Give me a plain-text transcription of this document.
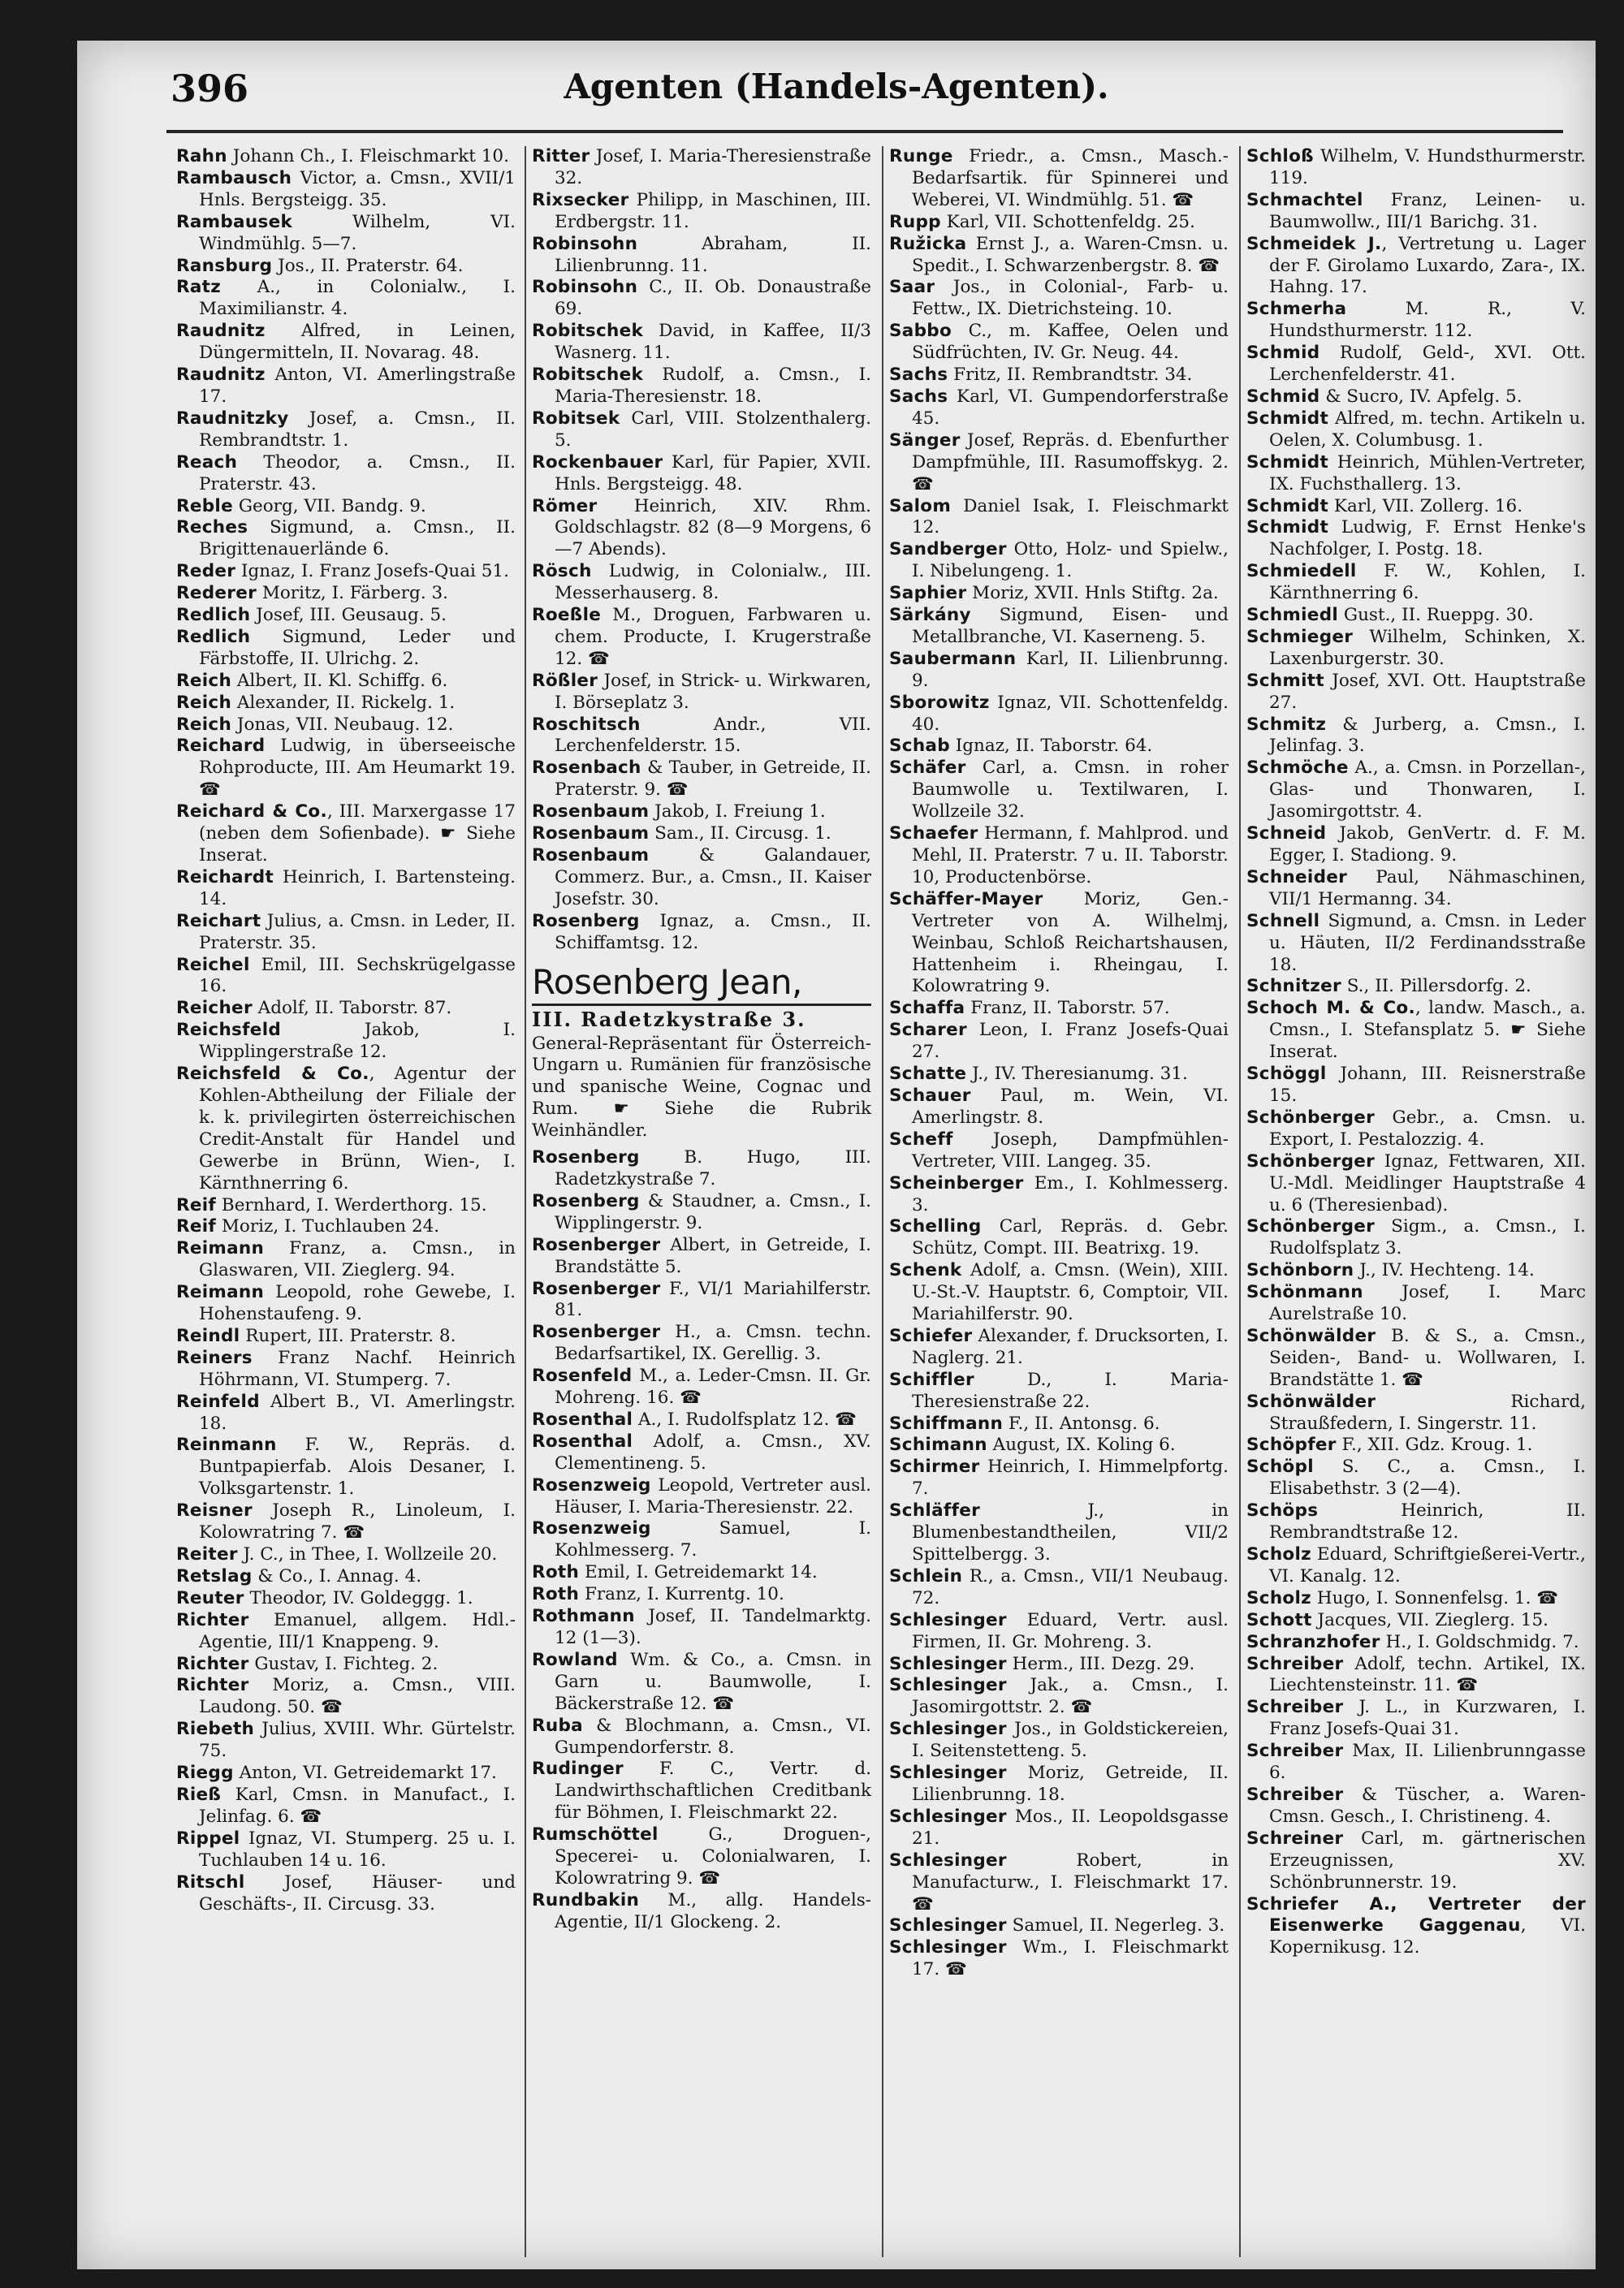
396	Agenten (Handels-Agenten).

Rahn Johann Ch., I. Fleischmarkt 10.

Rambausch Victor, a. Cmsn., XVII/1 Hnls. Bergsteigg. 35.

Rambausek Wilhelm, VI. Windmühlg. 5—7.

Ransburg Jos., II. Praterstr. 64.

Ratz A., in Colonialw., I. Maximilianstr. 4.

Raudnitz Alfred, in Leinen, Düngermitteln, II. Novarag. 48.

Raudnitz Anton, VI. Amerlingstraße 17.

Raudnitzky Josef, a. Cmsn., II. Rembrandtstr. 1.

Reach Theodor, a. Cmsn., II. Praterstr. 43.

Reble Georg, VII. Bandg. 9.

Reches Sigmund, a. Cmsn., II. Brigittenauerlände 6.

Reder Ignaz, I. Franz Josefs-Quai 51.

Rederer Moritz, I. Färberg. 3.

Redlich Josef, III. Geusaug. 5.

Redlich Sigmund, Leder und Färbstoffe, II. Ulrichg. 2.

Reich Albert, II. Kl. Schiffg. 6.

Reich Alexander, II. Rickelg. 1.

Reich Jonas, VII. Neubaug. 12.

Reichard Ludwig, in überseeische Rohproducte, III. Am Heumarkt 19. ☎

Reichard & Co., III. Marxergasse 17 (neben dem Sofienbade). ☛ Siehe Inserat.

Reichardt Heinrich, I. Bartensteing. 14.

Reichart Julius, a. Cmsn. in Leder, II. Praterstr. 35.

Reichel Emil, III. Sechskrügelgasse 16.

Reicher Adolf, II. Taborstr. 87.

Reichsfeld Jakob, I. Wipplingerstraße 12.

Reichsfeld & Co., Agentur der Kohlen-Abtheilung der Filiale der k. k. privilegirten österreichischen Credit-Anstalt für Handel und Gewerbe in Brünn, Wien-, I. Kärnthnerring 6.

Reif Bernhard, I. Werderthorg. 15.

Reif Moriz, I. Tuchlauben 24.

Reimann Franz, a. Cmsn., in Glaswaren, VII. Zieglerg. 94.

Reimann Leopold, rohe Gewebe, I. Hohenstaufeng. 9.

Reindl Rupert, III. Praterstr. 8.

Reiners Franz Nachf. Heinrich Höhrmann, VI. Stumperg. 7.

Reinfeld Albert B., VI. Amerlingstr. 18.

Reinmann F. W., Repräs. d. Buntpapierfab. Alois Desaner, I. Volksgartenstr. 1.

Reisner Joseph R., Linoleum, I. Kolowratring 7. ☎

Reiter J. C., in Thee, I. Wollzeile 20.

Retslag & Co., I. Annag. 4.

Reuter Theodor, IV. Goldeggg. 1.

Richter Emanuel, allgem. Hdl.-Agentie, III/1 Knappeng. 9.

Richter Gustav, I. Fichteg. 2.

Richter Moriz, a. Cmsn., VIII. Laudong. 50. ☎

Riebeth Julius, XVIII. Whr. Gürtelstr. 75.

Riegg Anton, VI. Getreidemarkt 17.

Rieß Karl, Cmsn. in Manufact., I. Jelinfag. 6. ☎

Rippel Ignaz, VI. Stumperg. 25 u. I. Tuchlauben 14 u. 16.

Ritschl Josef, Häuser- und Geschäfts-, II. Circusg. 33.

Ritter Josef, I. Maria-Theresienstraße 32.

Rixsecker Philipp, in Maschinen, III. Erdbergstr. 11.

Robinsohn Abraham, II. Lilienbrunng. 11.

Robinsohn C., II. Ob. Donaustraße 69.

Robitschek David, in Kaffee, II/3 Wasnerg. 11.

Robitschek Rudolf, a. Cmsn., I. Maria-Theresienstr. 18.

Robitsek Carl, VIII. Stolzenthalerg. 5.

Rockenbauer Karl, für Papier, XVII. Hnls. Bergsteigg. 48.

Römer Heinrich, XIV. Rhm. Goldschlagstr. 82 (8—9 Morgens, 6—7 Abends).

Rösch Ludwig, in Colonialw., III. Messerhauserg. 8.

Roeßle M., Droguen, Farbwaren u. chem. Producte, I. Krugerstraße 12. ☎

Rößler Josef, in Strick- u. Wirkwaren, I. Börseplatz 3.

Roschitsch Andr., VII. Lerchenfelderstr. 15.

Rosenbach & Tauber, in Getreide, II. Praterstr. 9. ☎

Rosenbaum Jakob, I. Freiung 1.

Rosenbaum Sam., II. Circusg. 1.

Rosenbaum & Galandauer, Commerz. Bur., a. Cmsn., II. Kaiser Josefstr. 30.

Rosenberg Ignaz, a. Cmsn., II. Schiffamtsg. 12.

Rosenberg Jean,
III. Radetzkystraße 3.
General-Repräsentant für Österreich-Ungarn u. Rumänien für französische und spanische Weine, Cognac und Rum. ☛ Siehe die Rubrik Weinhändler.

Rosenberg B. Hugo, III. Radetzkystraße 7.

Rosenberg & Staudner, a. Cmsn., I. Wipplingerstr. 9.

Rosenberger Albert, in Getreide, I. Brandstätte 5.

Rosenberger F., VI/1 Mariahilferstr. 81.

Rosenberger H., a. Cmsn. techn. Bedarfsartikel, IX. Gerellig. 3.

Rosenfeld M., a. Leder-Cmsn. II. Gr. Mohreng. 16. ☎

Rosenthal A., I. Rudolfsplatz 12. ☎

Rosenthal Adolf, a. Cmsn., XV. Clementineng. 5.

Rosenzweig Leopold, Vertreter ausl. Häuser, I. Maria-Theresienstr. 22.

Rosenzweig Samuel, I. Kohlmesserg. 7.

Roth Emil, I. Getreidemarkt 14.

Roth Franz, I. Kurrentg. 10.

Rothmann Josef, II. Tandelmarktg. 12 (1—3).

Rowland Wm. & Co., a. Cmsn. in Garn u. Baumwolle, I. Bäckerstraße 12. ☎

Ruba & Blochmann, a. Cmsn., VI. Gumpendorferstr. 8.

Rudinger F. C., Vertr. d. Landwirthschaftlichen Creditbank für Böhmen, I. Fleischmarkt 22.

Rumschöttel G., Droguen-, Specerei- u. Colonialwaren, I. Kolowratring 9. ☎

Rundbakin M., allg. Handels-Agentie, II/1 Glockeng. 2.

Runge Friedr., a. Cmsn., Masch.-Bedarfsartik. für Spinnerei und Weberei, VI. Windmühlg. 51. ☎

Rupp Karl, VII. Schottenfeldg. 25.

Ružicka Ernst J., a. Waren-Cmsn. u. Spedit., I. Schwarzenbergstr. 8. ☎

Saar Jos., in Colonial-, Farb- u. Fettw., IX. Dietrichsteing. 10.

Sabbo C., m. Kaffee, Oelen und Südfrüchten, IV. Gr. Neug. 44.

Sachs Fritz, II. Rembrandtstr. 34.

Sachs Karl, VI. Gumpendorferstraße 45.

Sänger Josef, Repräs. d. Ebenfurther Dampfmühle, III. Rasumoffskyg. 2. ☎

Salom Daniel Isak, I. Fleischmarkt 12.

Sandberger Otto, Holz- und Spielw., I. Nibelungeng. 1.

Saphier Moriz, XVII. Hnls Stiftg. 2a.

Särkány Sigmund, Eisen- und Metallbranche, VI. Kaserneng. 5.

Saubermann Karl, II. Lilienbrunng. 9.

Sborowitz Ignaz, VII. Schottenfeldg. 40.

Schab Ignaz, II. Taborstr. 64.

Schäfer Carl, a. Cmsn. in roher Baumwolle u. Textilwaren, I. Wollzeile 32.

Schaefer Hermann, f. Mahlprod. und Mehl, II. Praterstr. 7 u. II. Taborstr. 10, Productenbörse.

Schäffer-Mayer Moriz, Gen.-Vertreter von A. Wilhelmj, Weinbau, Schloß Reichartshausen, Hattenheim i. Rheingau, I. Kolowratring 9.

Schaffa Franz, II. Taborstr. 57.

Scharer Leon, I. Franz Josefs-Quai 27.

Schatte J., IV. Theresianumg. 31.

Schauer Paul, m. Wein, VI. Amerlingstr. 8.

Scheff Joseph, Dampfmühlen-Vertreter, VIII. Langeg. 35.

Scheinberger Em., I. Kohlmesserg. 3.

Schelling Carl, Repräs. d. Gebr. Schütz, Compt. III. Beatrixg. 19.

Schenk Adolf, a. Cmsn. (Wein), XIII. U.-St.-V. Hauptstr. 6, Comptoir, VII. Mariahilferstr. 90.

Schiefer Alexander, f. Drucksorten, I. Naglerg. 21.

Schiffler D., I. Maria-Theresienstraße 22.

Schiffmann F., II. Antonsg. 6.

Schimann August, IX. Koling 6.

Schirmer Heinrich, I. Himmelpfortg. 7.

Schläffer J., in Blumenbestandtheilen, VII/2 Spittelbergg. 3.

Schlein R., a. Cmsn., VII/1 Neubaug. 72.

Schlesinger Eduard, Vertr. ausl. Firmen, II. Gr. Mohreng. 3.

Schlesinger Herm., III. Dezg. 29.

Schlesinger Jak., a. Cmsn., I. Jasomirgottstr. 2. ☎

Schlesinger Jos., in Goldstickereien, I. Seitenstetteng. 5.

Schlesinger Moriz, Getreide, II. Lilienbrunng. 18.

Schlesinger Mos., II. Leopoldsgasse 21.

Schlesinger Robert, in Manufacturw., I. Fleischmarkt 17. ☎

Schlesinger Samuel, II. Negerleg. 3.

Schlesinger Wm., I. Fleischmarkt 17. ☎

Schloß Wilhelm, V. Hundsthurmerstr. 119.

Schmachtel Franz, Leinen- u. Baumwollw., III/1 Barichg. 31.

Schmeidek J., Vertretung u. Lager der F. Girolamo Luxardo, Zara-, IX. Hahng. 17.

Schmerha M. R., V. Hundsthurmerstr. 112.

Schmid Rudolf, Geld-, XVI. Ott. Lerchenfelderstr. 41.

Schmid & Sucro, IV. Apfelg. 5.

Schmidt Alfred, m. techn. Artikeln u. Oelen, X. Columbusg. 1.

Schmidt Heinrich, Mühlen-Vertreter, IX. Fuchsthallerg. 13.

Schmidt Karl, VII. Zollerg. 16.

Schmidt Ludwig, F. Ernst Henke's Nachfolger, I. Postg. 18.

Schmiedell F. W., Kohlen, I. Kärnthnerring 6.

Schmiedl Gust., II. Rueppg. 30.

Schmieger Wilhelm, Schinken, X. Laxenburgerstr. 30.

Schmitt Josef, XVI. Ott. Hauptstraße 27.

Schmitz & Jurberg, a. Cmsn., I. Jelinfag. 3.

Schmöche A., a. Cmsn. in Porzellan-, Glas- und Thonwaren, I. Jasomirgottstr. 4.

Schneid Jakob, GenVertr. d. F. M. Egger, I. Stadiong. 9.

Schneider Paul, Nähmaschinen, VII/1 Hermanng. 34.

Schnell Sigmund, a. Cmsn. in Leder u. Häuten, II/2 Ferdinandsstraße 18.

Schnitzer S., II. Pillersdorfg. 2.

Schoch M. & Co., landw. Masch., a. Cmsn., I. Stefansplatz 5. ☛ Siehe Inserat.

Schöggl Johann, III. Reisnerstraße 15.

Schönberger Gebr., a. Cmsn. u. Export, I. Pestalozzig. 4.

Schönberger Ignaz, Fettwaren, XII. U.-Mdl. Meidlinger Hauptstraße 4 u. 6 (Theresienbad).

Schönberger Sigm., a. Cmsn., I. Rudolfsplatz 3.

Schönborn J., IV. Hechteng. 14.

Schönmann Josef, I. Marc Aurelstraße 10.

Schönwälder B. & S., a. Cmsn., Seiden-, Band- u. Wollwaren, I. Brandstätte 1. ☎

Schönwälder Richard, Straußfedern, I. Singerstr. 11.

Schöpfer F., XII. Gdz. Kroug. 1.

Schöpl S. C., a. Cmsn., I. Elisabethstr. 3 (2—4).

Schöps Heinrich, II. Rembrandtstraße 12.

Scholz Eduard, Schriftgießerei-Vertr., VI. Kanalg. 12.

Scholz Hugo, I. Sonnenfelsg. 1. ☎

Schott Jacques, VII. Zieglerg. 15.

Schranzhofer H., I. Goldschmidg. 7.

Schreiber Adolf, techn. Artikel, IX. Liechtensteinstr. 11. ☎

Schreiber J. L., in Kurzwaren, I. Franz Josefs-Quai 31.

Schreiber Max, II. Lilienbrunngasse 6.

Schreiber & Tüscher, a. Waren-Cmsn. Gesch., I. Christineng. 4.

Schreiner Carl, m. gärtnerischen Erzeugnissen, XV. Schönbrunnerstr. 19.

Schriefer A., Vertreter der Eisenwerke Gaggenau, VI. Kopernikusg. 12.
